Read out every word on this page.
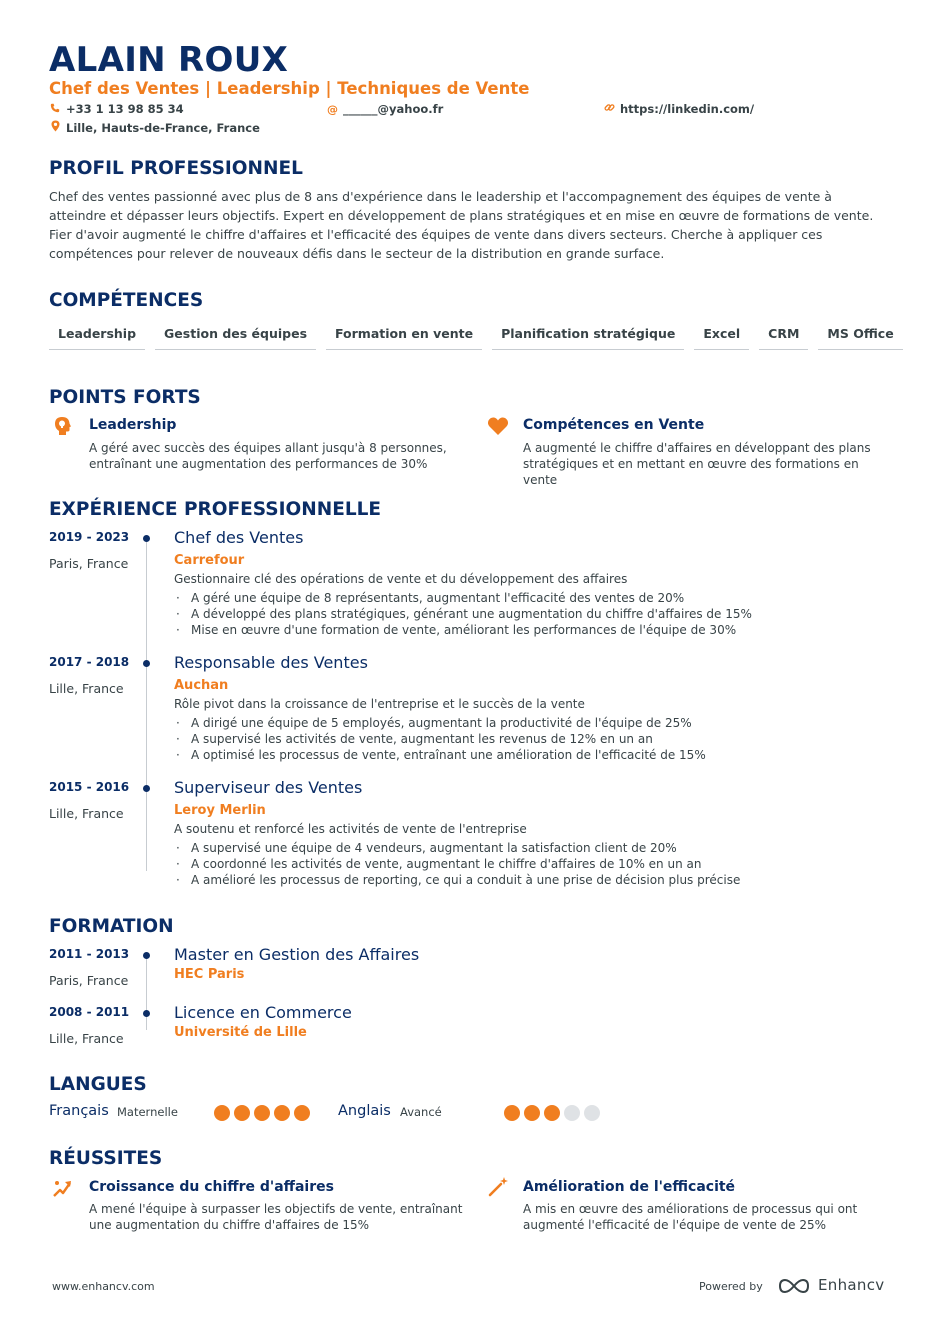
ALAIN ROUX
Chef des Ventes | Leadership | Techniques de Vente
+33 1 13 98 85 34	@ ______@yahoo.fr	https://linkedin.com/
Lille, Hauts-de-France, France
PROFIL PROFESSIONNEL
Chef des ventes passionné avec plus de 8 ans d'expérience dans le leadership et l'accompagnement des équipes de vente à atteindre et dépasser leurs objectifs. Expert en développement de plans stratégiques et en mise en œuvre de formations de vente. Fier d'avoir augmenté le chiffre d'affaires et l'efficacité des équipes de vente dans divers secteurs. Cherche à appliquer ces compétences pour relever de nouveaux défis dans le secteur de la distribution en grande surface.
COMPÉTENCES
Leadership	Gestion des équipes	Formation en vente	Planification stratégique	Excel	CRM	MS Office
POINTS FORTS
Leadership
A géré avec succès des équipes allant jusqu'à 8 personnes, entraînant une augmentation des performances de 30%
Compétences en Vente
A augmenté le chiffre d'affaires en développant des plans stratégiques et en mettant en œuvre des formations en vente
EXPÉRIENCE PROFESSIONNELLE
2019 - 2023
Paris, France
Chef des Ventes
Carrefour
Gestionnaire clé des opérations de vente et du développement des affaires
· A géré une équipe de 8 représentants, augmentant l'efficacité des ventes de 20%
· A développé des plans stratégiques, générant une augmentation du chiffre d'affaires de 15%
· Mise en œuvre d'une formation de vente, améliorant les performances de l'équipe de 30%
2017 - 2018
Lille, France
Responsable des Ventes
Auchan
Rôle pivot dans la croissance de l'entreprise et le succès de la vente
· A dirigé une équipe de 5 employés, augmentant la productivité de l'équipe de 25%
· A supervisé les activités de vente, augmentant les revenus de 12% en un an
· A optimisé les processus de vente, entraînant une amélioration de l'efficacité de 15%
2015 - 2016
Lille, France
Superviseur des Ventes
Leroy Merlin
A soutenu et renforcé les activités de vente de l'entreprise
· A supervisé une équipe de 4 vendeurs, augmentant la satisfaction client de 20%
· A coordonné les activités de vente, augmentant le chiffre d'affaires de 10% en un an
· A amélioré les processus de reporting, ce qui a conduit à une prise de décision plus précise
FORMATION
2011 - 2013
Paris, France
Master en Gestion des Affaires
HEC Paris
2008 - 2011
Lille, France
Licence en Commerce
Université de Lille
LANGUES
Français Maternelle	Anglais Avancé
RÉUSSITES
Croissance du chiffre d'affaires
A mené l'équipe à surpasser les objectifs de vente, entraînant une augmentation du chiffre d'affaires de 15%
Amélioration de l'efficacité
A mis en œuvre des améliorations de processus qui ont augmenté l'efficacité de l'équipe de vente de 25%
www.enhancv.com	Powered by	Enhancv
